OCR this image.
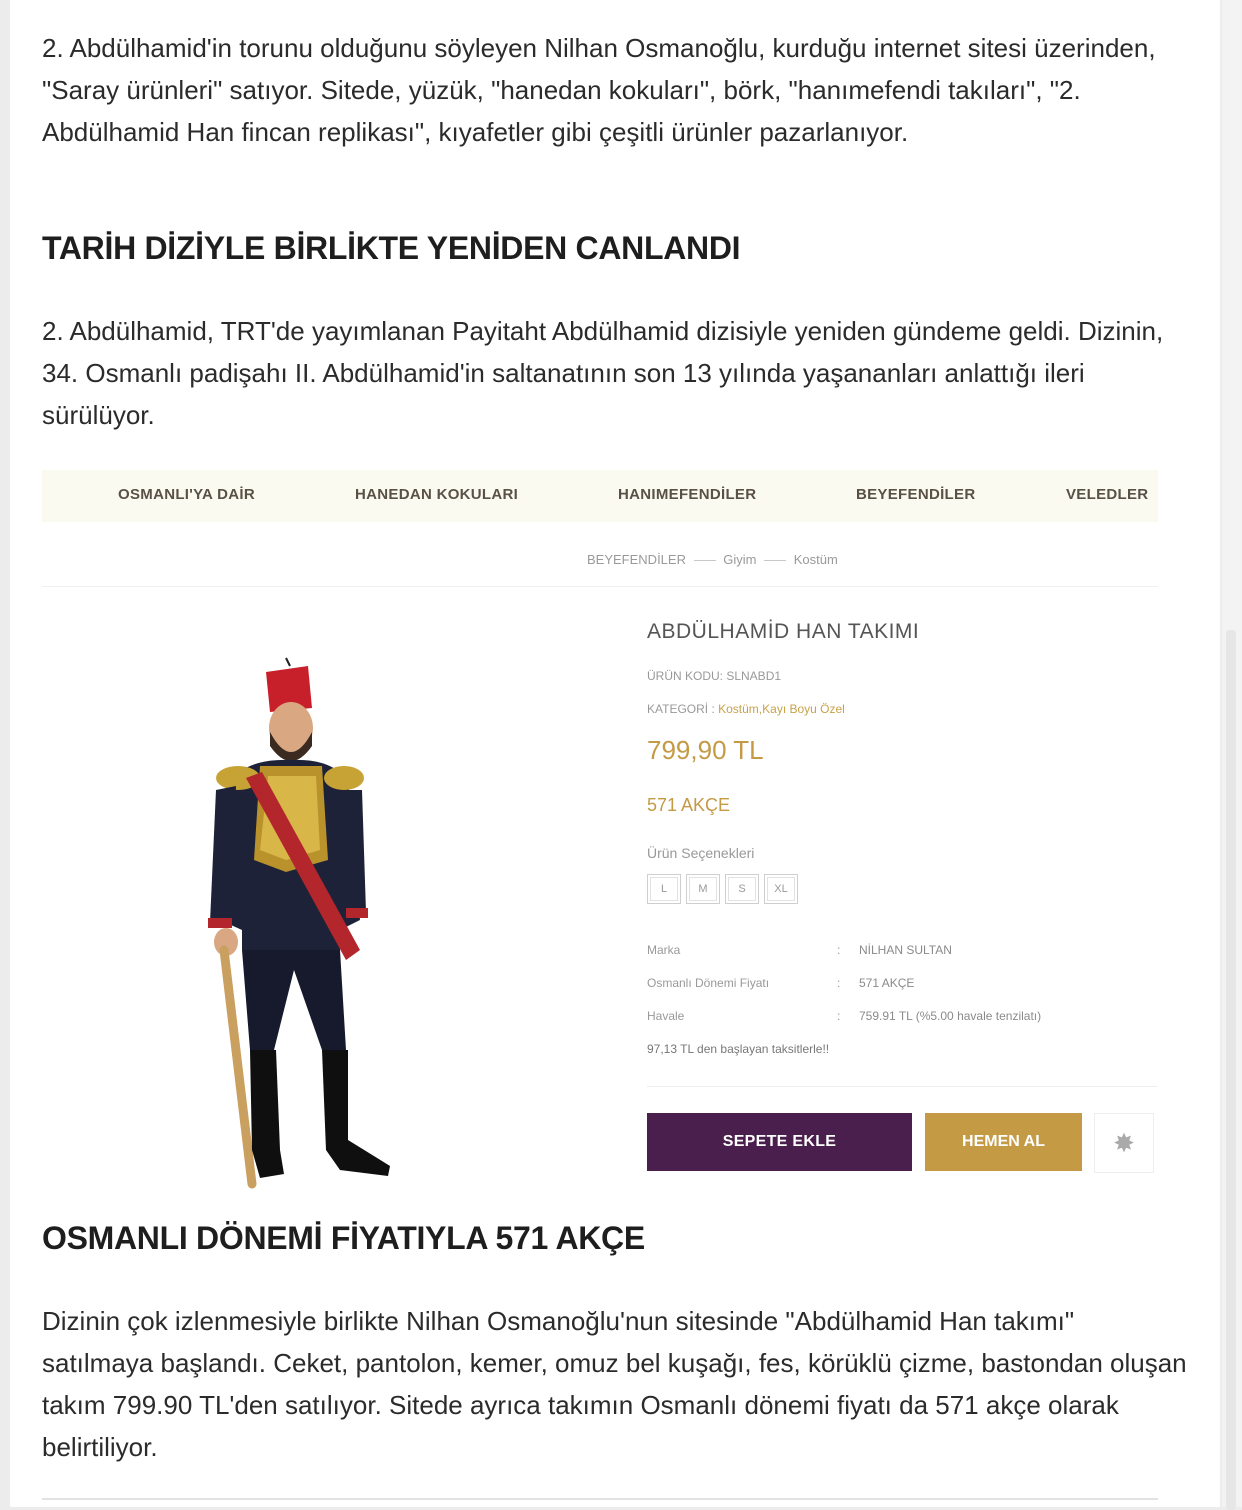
2. Abdülhamid'in torunu olduğunu söyleyen Nilhan Osmanoğlu, kurduğu internet sitesi üzerinden, "Saray ürünleri" satıyor. Sitede, yüzük, "hanedan kokuları", börk, "hanımefendi takıları", "2. Abdülhamid Han fincan replikası", kıyafetler gibi çeşitli ürünler pazarlanıyor.

TARİH DİZİYLE BİRLİKTE YENİDEN CANLANDI

2. Abdülhamid, TRT'de yayımlanan Payitaht Abdülhamid dizisiyle yeniden gündeme geldi. Dizinin, 34. Osmanlı padişahı II. Abdülhamid'in saltanatının son 13 yılında yaşananları anlattığı ileri sürülüyor.

OSMANLI'YA DAİR	HANEDAN KOKULARI	HANIMEFENDİLER	BEYEFENDİLER	VELEDLER
BEYEFENDİLER	Giyim	Kostüm
ABDÜLHAMİD HAN TAKIMI
ÜRÜN KODU: SLNABD1
KATEGORİ : Kostüm,Kayı Boyu Özel
799,90 TL
571 AKÇE
Ürün Seçenekleri
L	M	S	XL
Marka	: NİLHAN SULTAN
Osmanlı Dönemi Fiyatı	: 571 AKÇE
Havale	: 759.91 TL (%5.00 havale tenzilatı)
97,13 TL den başlayan taksitlerle!!
SEPETE EKLE	HEMEN AL	✸
OSMANLI DÖNEMİ FİYATIYLA 571 AKÇE

Dizinin çok izlenmesiyle birlikte Nilhan Osmanoğlu'nun sitesinde "Abdülhamid Han takımı" satılmaya başlandı. Ceket, pantolon, kemer, omuz bel kuşağı, fes, körüklü çizme, bastondan oluşan takım 799.90 TL'den satılıyor. Sitede ayrıca takımın Osmanlı dönemi fiyatı da 571 akçe olarak belirtiliyor.
